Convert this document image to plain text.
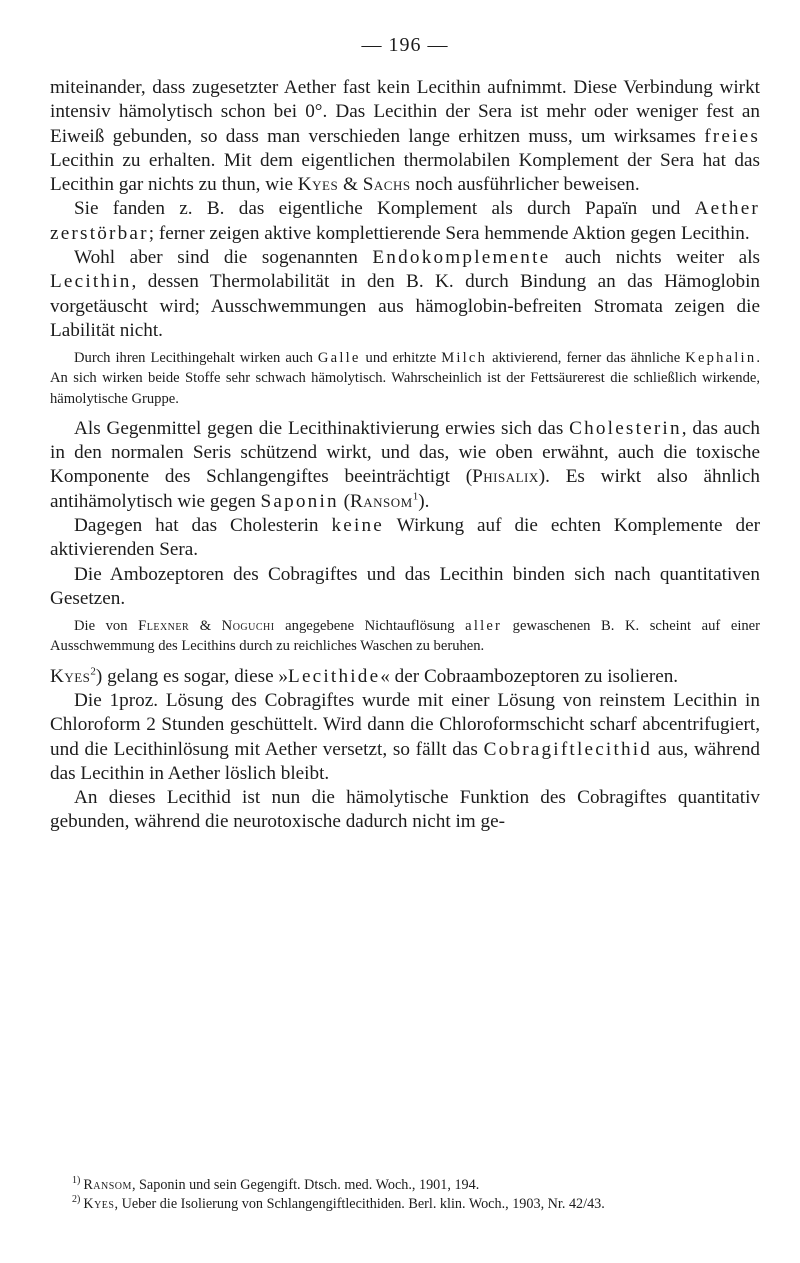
— 196 —

miteinander, dass zugesetzter Aether fast kein Lecithin aufnimmt. Diese Verbindung wirkt intensiv hämolytisch schon bei 0°. Das Lecithin der Sera ist mehr oder weniger fest an Eiweiß gebunden, so dass man verschieden lange erhitzen muss, um wirksames freies Lecithin zu erhalten. Mit dem eigentlichen thermolabilen Komplement der Sera hat das Lecithin gar nichts zu thun, wie Kyes & Sachs noch ausführlicher beweisen.

Sie fanden z. B. das eigentliche Komplement als durch Papaïn und Aether zerstörbar; ferner zeigen aktive komplettierende Sera hemmende Aktion gegen Lecithin.

Wohl aber sind die sogenannten Endokomplemente auch nichts weiter als Lecithin, dessen Thermolabilität in den B. K. durch Bindung an das Hämoglobin vorgetäuscht wird; Ausschwemmungen aus hämoglobin-befreiten Stromata zeigen die Labilität nicht.

Durch ihren Lecithingehalt wirken auch Galle und erhitzte Milch aktivierend, ferner das ähnliche Kephalin. An sich wirken beide Stoffe sehr schwach hämolytisch. Wahrscheinlich ist der Fettsäurerest die schließlich wirkende, hämolytische Gruppe.

Als Gegenmittel gegen die Lecithinaktivierung erwies sich das Cholesterin, das auch in den normalen Seris schützend wirkt, und das, wie oben erwähnt, auch die toxische Komponente des Schlangengiftes beeinträchtigt (Phisalix). Es wirkt also ähnlich antihämolytisch wie gegen Saponin (Ransom$^1$).

Dagegen hat das Cholesterin keine Wirkung auf die echten Komplemente der aktivierenden Sera.

Die Ambozeptoren des Cobragiftes und das Lecithin binden sich nach quantitativen Gesetzen.

Die von Flexner & Noguchi angegebene Nichtauflösung aller gewaschenen B. K. scheint auf einer Ausschwemmung des Lecithins durch zu reichliches Waschen zu beruhen.

Kyes$^2$) gelang es sogar, diese »Lecithide« der Cobraambozeptoren zu isolieren.

Die 1proz. Lösung des Cobragiftes wurde mit einer Lösung von reinstem Lecithin in Chloroform 2 Stunden geschüttelt. Wird dann die Chloroformschicht scharf abcentrifugiert, und die Lecithinlösung mit Aether versetzt, so fällt das Cobragiftlecithid aus, während das Lecithin in Aether löslich bleibt.

An dieses Lecithid ist nun die hämolytische Funktion des Cobragiftes quantitativ gebunden, während die neurotoxische dadurch nicht im ge-

$^{1)}$ Ransom, Saponin und sein Gegengift. Dtsch. med. Woch., 1901, 194.

$^{2)}$ Kyes, Ueber die Isolierung von Schlangengiftlecithiden. Berl. klin. Woch., 1903, Nr. 42/43.
